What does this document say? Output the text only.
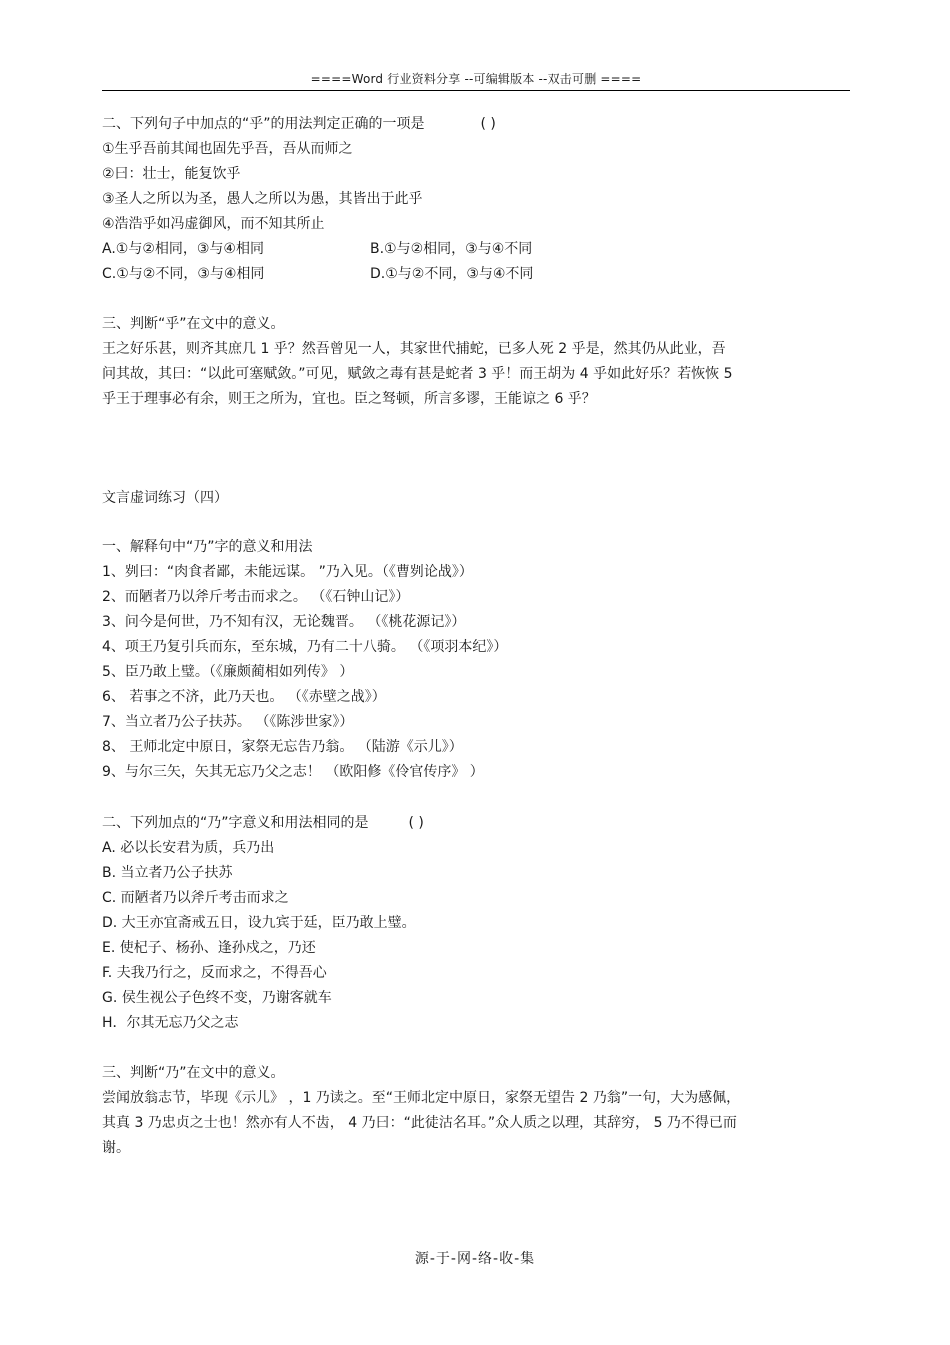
====Word 行业资料分享 --可编辑版本 --双击可删 ====
二、下列句子中加点的“乎”的用法判定正确的一项是	( )
①生乎吾前其闻也固先乎吾，吾从而师之
②曰：壮士，能复饮乎
③圣人之所以为圣，愚人之所以为愚，其皆出于此乎
④浩浩乎如冯虚御风，而不知其所止
A.①与②相同，③与④相同	B.①与②相同，③与④不同
C.①与②不同，③与④相同	D.①与②不同，③与④不同
三、判断“乎”在文中的意义。
王之好乐甚，则齐其庶几 1 乎？然吾曾见一人，其家世代捕蛇，已多人死 2 乎是，然其仍从此业，吾
问其故，其曰：“以此可塞赋敛。”可见，赋敛之毒有甚是蛇者 3 乎！而王胡为 4 乎如此好乐？若恢恢 5
乎王于理事必有余，则王之所为，宜也。臣之驽顿，所言多谬，王能谅之 6 乎？
文言虚词练习（四）
一、解释句中“乃”字的意义和用法
1、刿曰：“肉食者鄙，未能远谋。 ”乃入见。（《曹刿论战》）
2、而陋者乃以斧斤考击而求之。 （《石钟山记》）
3、问今是何世，乃不知有汉，无论魏晋。 （《桃花源记》）
4、项王乃复引兵而东，至东城，乃有二十八骑。 （《项羽本纪》）
5、臣乃敢上璧。（《廉颇蔺相如列传》 ）
6、 若事之不济，此乃天也。 （《赤壁之战》）
7、当立者乃公子扶苏。 （《陈涉世家》）
8、 王师北定中原日，家祭无忘告乃翁。 （陆游《示儿》）
9、与尔三矢，矢其无忘乃父之志！ （欧阳修《伶官传序》 ）
二、下列加点的“乃”字意义和用法相同的是	( )
A. 必以长安君为质，兵乃出
B. 当立者乃公子扶苏
C. 而陋者乃以斧斤考击而求之
D. 大王亦宜斋戒五日，设九宾于廷，臣乃敢上璧。
E. 使杞子、杨孙、逢孙戍之，乃还
F. 夫我乃行之，反而求之，不得吾心
G. 侯生视公子色终不变，乃谢客就车
H．尔其无忘乃父之志
三、判断“乃”在文中的意义。
尝闻放翁志节，毕现《示儿》 ，1 乃读之。至“王师北定中原日，家祭无望告 2 乃翁”一句，大为感佩，
其真 3 乃忠贞之士也！然亦有人不齿， 4 乃曰：“此徒沽名耳。”众人质之以理，其辞穷， 5 乃不得已而
谢。
源-于-网-络-收-集
